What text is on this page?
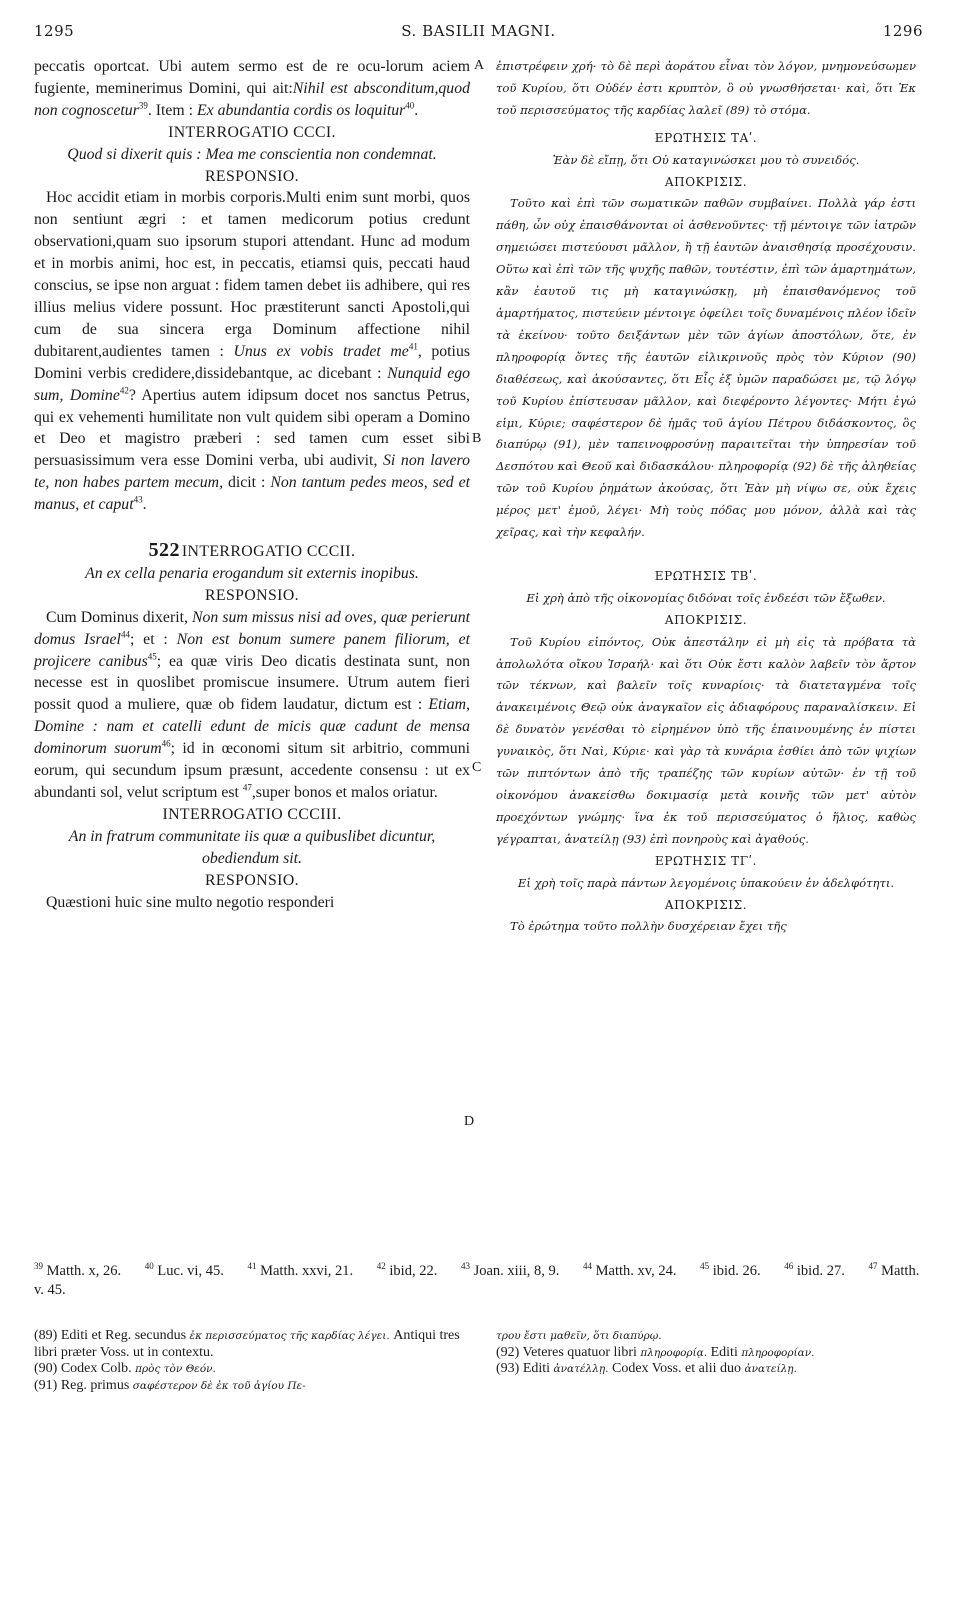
1295	S. BASILII MAGNI.	1296
A
B
C
D

peccatis oportcat. Ubi autem sermo est de re ocu-lorum aciem fugiente, meminerimus Domini, qui ait:Nihil est absconditum,quod non cognoscetur$^{39}$. Item : Ex abundantia cordis os loquitur$^{40}$.

INTERROGATIO CCCI.

Quod si dixerit quis : Mea me conscientia non condemnat.

RESPONSIO.

Hoc accidit etiam in morbis corporis.Multi enim sunt morbi, quos non sentiunt ægri : et tamen medicorum potius credunt observationi,quam suo ipsorum stupori attendant. Hunc ad modum et in morbis animi, hoc est, in peccatis, etiamsi quis, peccati haud conscius, se ipse non arguat : fidem tamen debet iis adhibere, qui res illius melius videre possunt. Hoc præstiterunt sancti Apostoli,qui cum de sua sincera erga Dominum affectione nihil dubitarent,audientes tamen : Unus ex vobis tradet $me^{41}$, potius Domini verbis credidere,dissidebantque, ac dicebant : Nunquid ego sum, Domine$^{42}$? Apertius autem idipsum docet nos sanctus Petrus, qui ex vehementi humilitate non vult quidem sibi operam a Domino et Deo et magistro præberi : sed tamen cum esset sibi persuasissimum vera esse Domini verba, ubi audivit, Si non lavero te, non habes partem mecum, dicit : Non tantum pedes meos, sed et manus, et caput$^{43}$.

522 INTERROGATIO CCCII.

An ex cella penaria erogandum sit externis inopibus.

RESPONSIO.

Cum Dominus dixerit, Non sum missus nisi ad oves, quæ perierunt domus Israel$^{44}$; et : Non est bonum sumere panem filiorum, et projicere canibus$^{45}$; ea quæ viris Deo dicatis destinata sunt, non necesse est in quoslibet promiscue insumere. Utrum autem fieri possit quod a muliere, quæ ob fidem laudatur, dictum est : Etiam, Domine : nam et catelli edunt de micis quæ cadunt de mensa dominorum suorum$^{46}$; id in œconomi situm sit arbitrio, communi eorum, qui secundum ipsum præsunt, accedente consensu : ut ex abundanti sol, velut scriptum est $^{47}$,super bonos et malos oriatur.

INTERROGATIO CCCIII.

An in fratrum communitate iis quæ a quibuslibet dicuntur, obediendum sit.

RESPONSIO.

Quæstioni huic sine multo negotio responderi

ἐπιστρέφειν χρή· τὸ δὲ περὶ ἀοράτου εἶναι τὸν λόγον, μνημονεύσωμεν τοῦ Κυρίου, ὅτι Οὐδέν ἐστι κρυπτὸν, ὃ οὐ γνωσθήσεται· καὶ, ὅτι Ἐκ τοῦ περισσεύματος τῆς καρδίας λαλεῖ (89) τὸ στόμα.

ΕΡΩΤΗΣΙΣ ΤΑʹ.

Ἐὰν δὲ εἴπῃ, ὅτι Οὐ καταγινώσκει μου τὸ συνειδός.

ΑΠΟΚΡΙΣΙΣ.

Τοῦτο καὶ ἐπὶ τῶν σωματικῶν παθῶν συμβαίνει. Πολλὰ γάρ ἐστι πάθη, ὧν οὐχ ἐπαισθάνονται οἱ ἀσθενοῦντες· τῇ μέντοιγε τῶν ἰατρῶν σημειώσει πιστεύουσι μᾶλλον, ἢ τῇ ἑαυτῶν ἀναισθησίᾳ προσέχουσιν. Οὕτω καὶ ἐπὶ τῶν τῆς ψυχῆς παθῶν, τουτέστιν, ἐπὶ τῶν ἁμαρτημάτων, κἂν ἑαυτοῦ τις μὴ καταγινώσκῃ, μὴ ἐπαισθανόμενος τοῦ ἁμαρτήματος, πιστεύειν μέντοιγε ὀφείλει τοῖς δυναμένοις πλέον ἰδεῖν τὰ ἐκείνου· τοῦτο δειξάντων μὲν τῶν ἁγίων ἀποστόλων, ὅτε, ἐν πληροφορίᾳ ὄντες τῆς ἑαυτῶν εἰλικρινοῦς πρὸς τὸν Κύριον (90) διαθέσεως, καὶ ἀκούσαντες, ὅτι Εἷς ἐξ ὑμῶν παραδώσει με, τῷ λόγῳ τοῦ Κυρίου ἐπίστευσαν μᾶλλον, καὶ διεφέροντο λέγοντες· Μήτι ἐγώ εἰμι, Κύριε; σαφέστερον δὲ ἡμᾶς τοῦ ἁγίου Πέτρου διδάσκοντος, ὃς διαπύρῳ (91), μὲν ταπεινοφροσύνῃ παραιτεῖται τὴν ὑπηρεσίαν τοῦ Δεσπότου καὶ Θεοῦ καὶ διδασκάλου· πληροφορίᾳ (92) δὲ τῆς ἀληθείας τῶν τοῦ Κυρίου ῥημάτων ἀκούσας, ὅτι Ἐὰν μὴ νίψω σε, οὐκ ἔχεις μέρος μετ' ἐμοῦ, λέγει· Μὴ τοὺς πόδας μου μόνον, ἀλλὰ καὶ τὰς χεῖρας, καὶ τὴν κεφαλήν.

ΕΡΩΤΗΣΙΣ ΤΒʹ.

Εἰ χρὴ ἀπὸ τῆς οἰκονομίας διδόναι τοῖς ἐνδεέσι τῶν ἔξωθεν.

ΑΠΟΚΡΙΣΙΣ.

Τοῦ Κυρίου εἰπόντος, Οὐκ ἀπεστάλην εἰ μὴ εἰς τὰ πρόβατα τὰ ἀπολωλότα οἴκου Ἰσραήλ· καὶ ὅτι Οὐκ ἔστι καλὸν λαβεῖν τὸν ἄρτον τῶν τέκνων, καὶ βαλεῖν τοῖς κυναρίοις· τὰ διατεταγμένα τοῖς ἀνακειμένοις Θεῷ οὐκ ἀναγκαῖον εἰς ἀδιαφόρους παραναλίσκειν. Εἰ δὲ δυνατὸν γενέσθαι τὸ εἰρημένον ὑπὸ τῆς ἐπαινουμένης ἐν πίστει γυναικὸς, ὅτι Ναὶ, Κύριε· καὶ γὰρ τὰ κυνάρια ἐσθίει ἀπὸ τῶν ψιχίων τῶν πιπτόντων ἀπὸ τῆς τραπέζης τῶν κυρίων αὐτῶν· ἐν τῇ τοῦ οἰκονόμου ἀνακείσθω δοκιμασίᾳ μετὰ κοινῆς τῶν μετ' αὐτὸν προεχόντων γνώμης· ἵνα ἐκ τοῦ περισσεύματος ὁ ἥλιος, καθὼς γέγραπται, ἀνατείλῃ (93) ἐπὶ πονηροὺς καὶ ἀγαθούς.

ΕΡΩΤΗΣΙΣ ΤΓʹ.

Εἰ χρὴ τοῖς παρὰ πάντων λεγομένοις ὑπακούειν ἐν ἀδελφότητι.

ΑΠΟΚΡΙΣΙΣ.

Τὸ ἐρώτημα τοῦτο πολλὴν δυσχέρειαν ἔχει τῆς

$^{39}$ Matth. x, 26.	$^{40}$ Luc. vi, 45.	$^{41}$ Matth. xxvi, 21.	$^{42}$ ibid, 22.	$^{43}$ Joan. xiii, 8, 9.	$^{44}$ Matth. xv, 24.	$^{45}$ ibid. 26.	$^{46}$ ibid. 27.	$^{47}$ Matth. v. 45.
(89) Editi et Reg. secundus ἐκ περισσεύματος τῆς καρδίας λέγει. Antiqui tres libri præter Voss. ut in contextu.
(90) Codex Colb. πρὸς τὸν Θεόν.
(91) Reg. primus σαφέστερον δὲ ἐκ τοῦ ἁγίου Πε-
τρου ἔστι μαθεῖν, ὅτι διαπύρῳ.
(92) Veteres quatuor libri πληροφορίᾳ. Editi πληροφορίαν.
(93) Editi ἀνατέλλῃ. Codex Voss. et alii duo ἀνατείλῃ.
